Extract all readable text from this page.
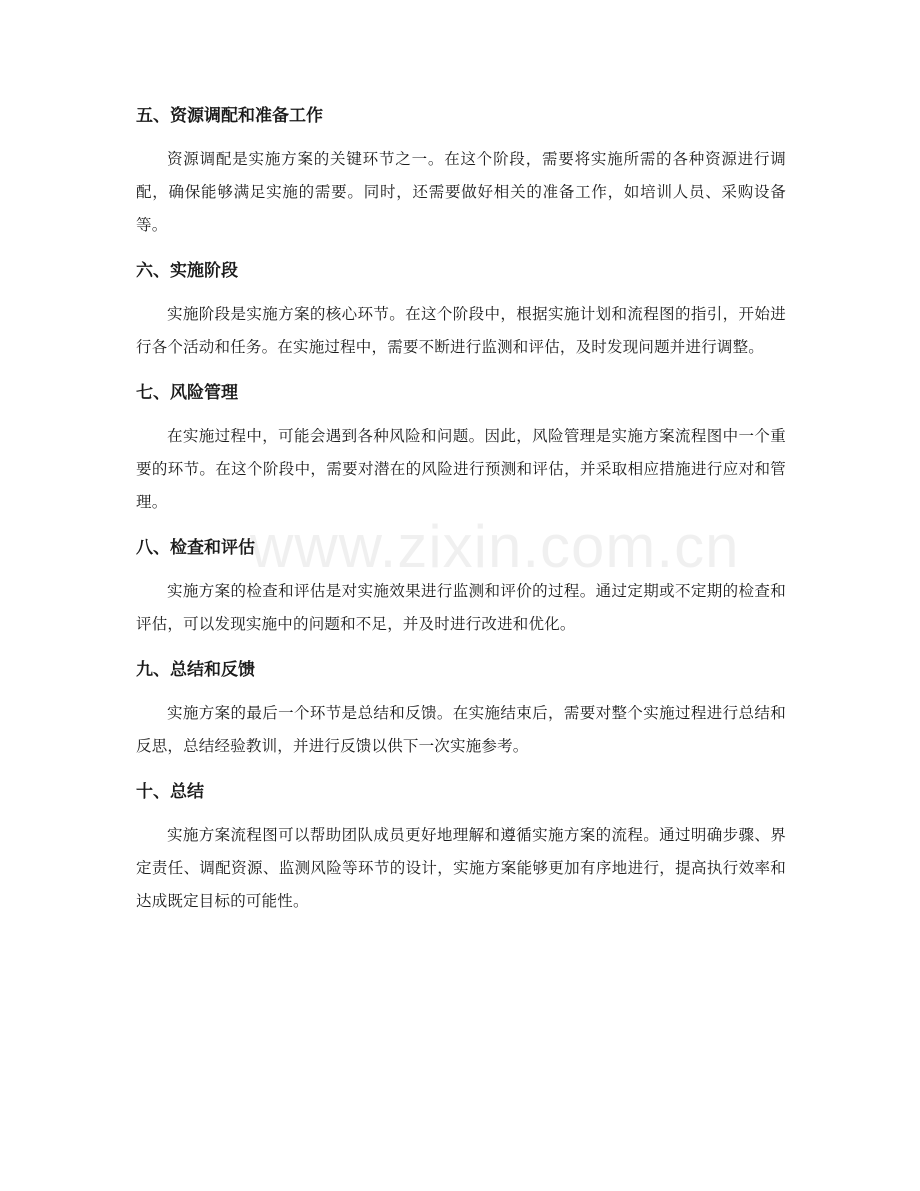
五、资源调配和准备工作

资源调配是实施方案的关键环节之一。在这个阶段，需要将实施所需的各种资源进行调配，确保能够满足实施的需要。同时，还需要做好相关的准备工作，如培训人员、采购设备等。

六、实施阶段

实施阶段是实施方案的核心环节。在这个阶段中，根据实施计划和流程图的指引，开始进行各个活动和任务。在实施过程中，需要不断进行监测和评估，及时发现问题并进行调整。

七、风险管理

在实施过程中，可能会遇到各种风险和问题。因此，风险管理是实施方案流程图中一个重要的环节。在这个阶段中，需要对潜在的风险进行预测和评估，并采取相应措施进行应对和管理。

八、检查和评估

实施方案的检查和评估是对实施效果进行监测和评价的过程。通过定期或不定期的检查和评估，可以发现实施中的问题和不足，并及时进行改进和优化。

九、总结和反馈

实施方案的最后一个环节是总结和反馈。在实施结束后，需要对整个实施过程进行总结和反思，总结经验教训，并进行反馈以供下一次实施参考。

十、总结

实施方案流程图可以帮助团队成员更好地理解和遵循实施方案的流程。通过明确步骤、界定责任、调配资源、监测风险等环节的设计，实施方案能够更加有序地进行，提高执行效率和达成既定目标的可能性。

www.zixin.com.cn
